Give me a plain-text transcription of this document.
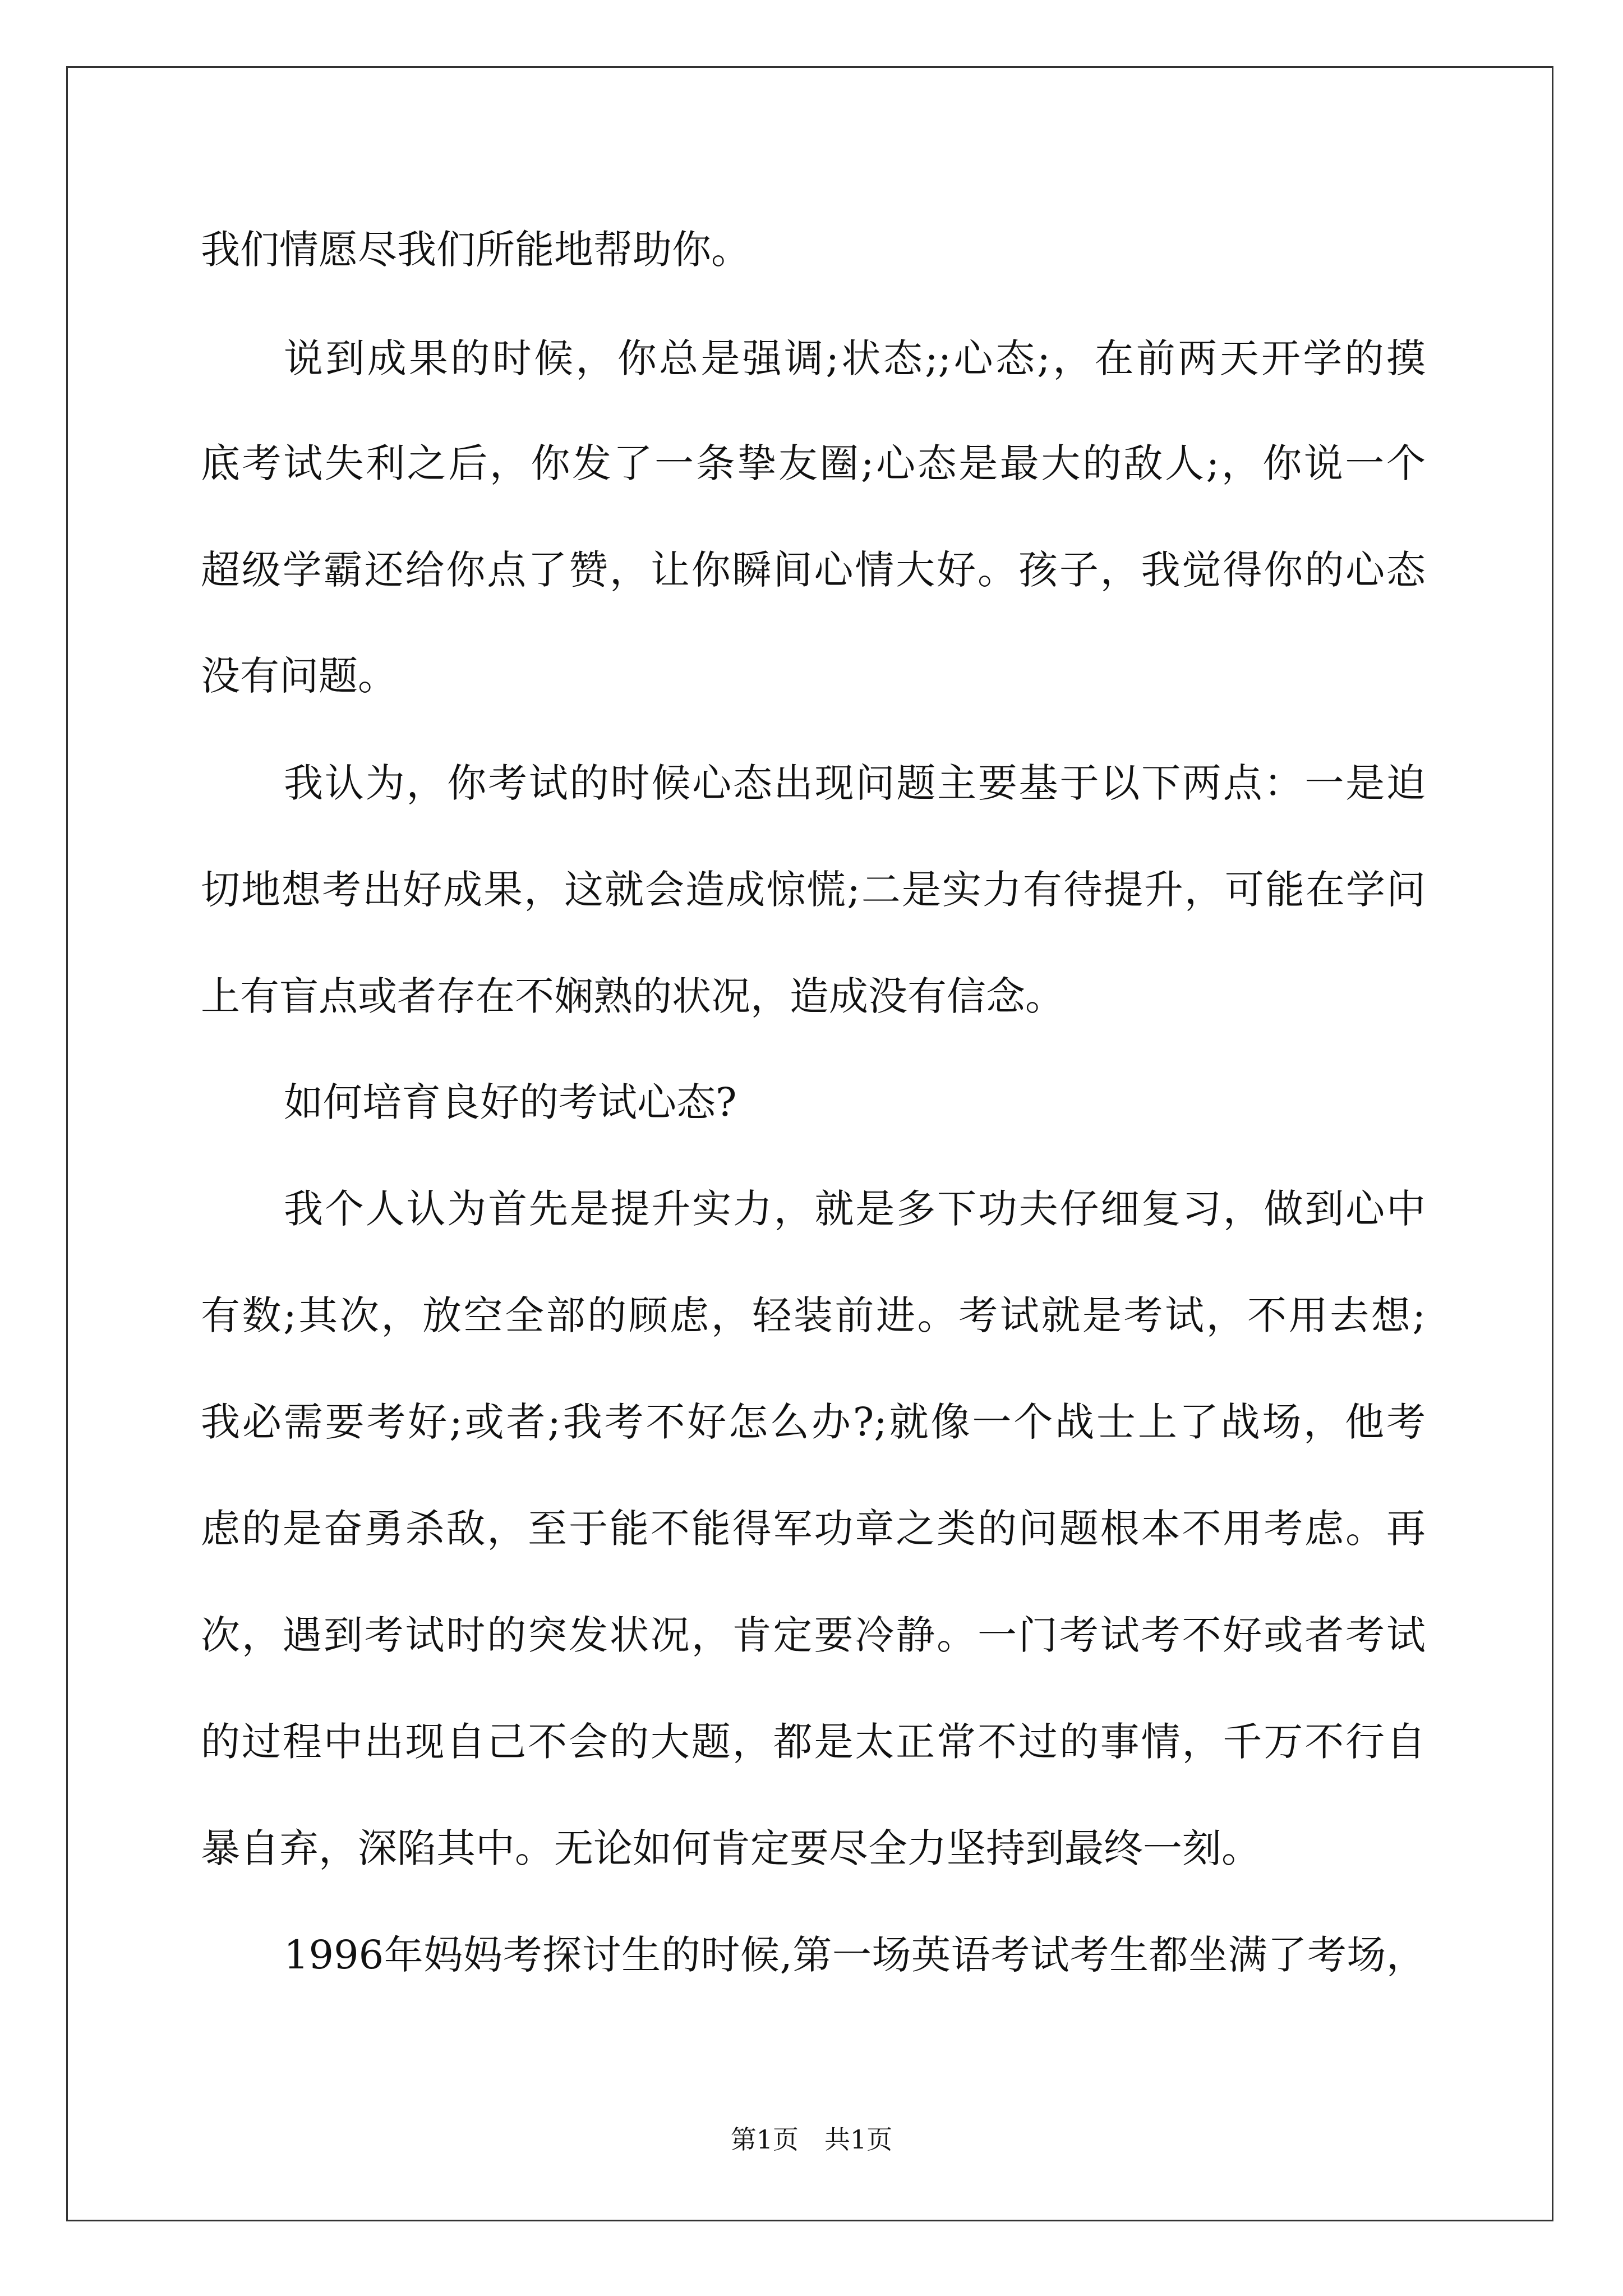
我们情愿尽我们所能地帮助你。
说到成果的时候，你总是强调;状态;;心态;，在前两天开学的摸
底考试失利之后，你发了一条挚友圈;心态是最大的敌人;，你说一个
超级学霸还给你点了赞，让你瞬间心情大好。孩子，我觉得你的心态
没有问题。
我认为，你考试的时候心态出现问题主要基于以下两点：一是迫
切地想考出好成果，这就会造成惊慌;二是实力有待提升，可能在学问
上有盲点或者存在不娴熟的状况，造成没有信念。
如何培育良好的考试心态?
我个人认为首先是提升实力，就是多下功夫仔细复习，做到心中
有数;其次，放空全部的顾虑，轻装前进。考试就是考试，不用去想;
我必需要考好;或者;我考不好怎么办?;就像一个战士上了战场，他考
虑的是奋勇杀敌，至于能不能得军功章之类的问题根本不用考虑。再
次，遇到考试时的突发状况，肯定要冷静。一门考试考不好或者考试
的过程中出现自己不会的大题，都是太正常不过的事情，千万不行自
暴自弃，深陷其中。无论如何肯定要尽全力坚持到最终一刻。
1996年妈妈考探讨生的时候,第一场英语考试考生都坐满了考场，
第1页　共1页
